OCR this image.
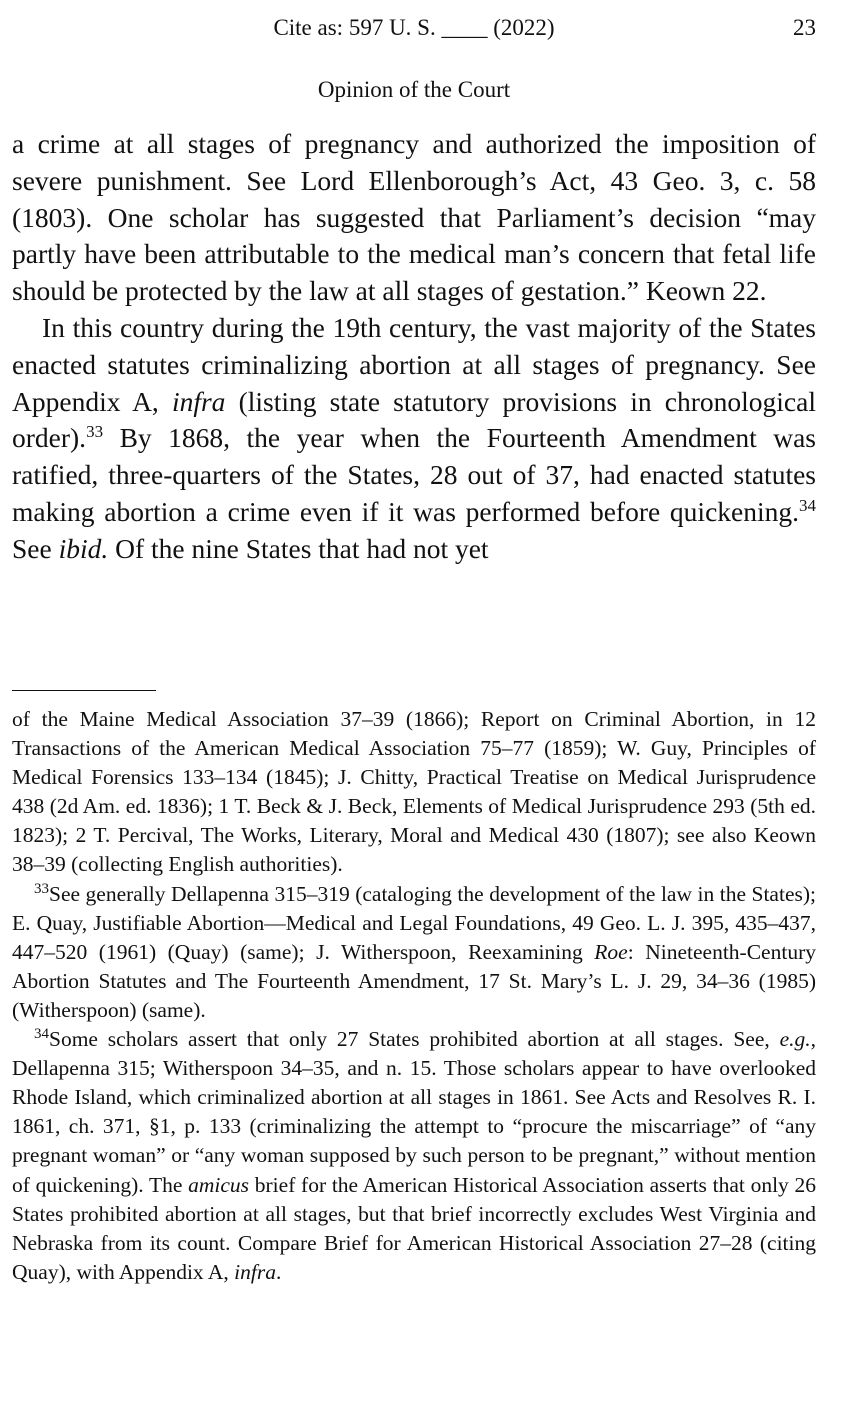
Cite as: 597 U. S. ____ (2022)	23
Opinion of the Court

a crime at all stages of pregnancy and authorized the imposition of severe punishment. See Lord Ellenborough’s Act, 43 Geo. 3, c. 58 (1803). One scholar has suggested that Parliament’s decision “may partly have been attributable to the medical man’s concern that fetal life should be protected by the law at all stages of gestation.” Keown 22.

In this country during the 19th century, the vast majority of the States enacted statutes criminalizing abortion at all stages of pregnancy. See Appendix A, infra (listing state statutory provisions in chronological order).$^{33}$ By 1868, the year when the Fourteenth Amendment was ratified, three-quarters of the States, 28 out of 37, had enacted statutes making abortion a crime even if it was performed before quickening.$^{34}$ See ibid. Of the nine States that had not yet

of the Maine Medical Association 37–39 (1866); Report on Criminal Abortion, in 12 Transactions of the American Medical Association 75–77 (1859); W. Guy, Principles of Medical Forensics 133–134 (1845); J. Chitty, Practical Treatise on Medical Jurisprudence 438 (2d Am. ed. 1836); 1 T. Beck & J. Beck, Elements of Medical Jurisprudence 293 (5th ed. 1823); 2 T. Percival, The Works, Literary, Moral and Medical 430 (1807); see also Keown 38–39 (collecting English authorities).

$^{33}$See generally Dellapenna 315–319 (cataloging the development of the law in the States); E. Quay, Justifiable Abortion—Medical and Legal Foundations, 49 Geo. L. J. 395, 435–437, 447–520 (1961) (Quay) (same); J. Witherspoon, Reexamining Roe: Nineteenth-Century Abortion Statutes and The Fourteenth Amendment, 17 St. Mary’s L. J. 29, 34–36 (1985) (Witherspoon) (same).

$^{34}$Some scholars assert that only 27 States prohibited abortion at all stages. See, e.g., Dellapenna 315; Witherspoon 34–35, and n. 15. Those scholars appear to have overlooked Rhode Island, which criminalized abortion at all stages in 1861. See Acts and Resolves R. I. 1861, ch. 371, §1, p. 133 (criminalizing the attempt to “procure the miscarriage” of “any pregnant woman” or “any woman supposed by such person to be pregnant,” without mention of quickening). The amicus brief for the American Historical Association asserts that only 26 States prohibited abortion at all stages, but that brief incorrectly excludes West Virginia and Nebraska from its count. Compare Brief for American Historical Association 27–28 (citing Quay), with Appendix A, infra.
